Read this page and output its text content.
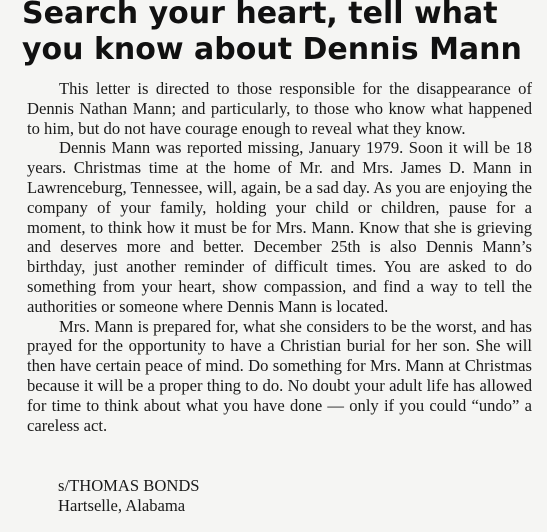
Search your heart, tell what
you know about Dennis Mann

This letter is directed to those responsible for the disappearance of Dennis Nathan Mann; and particularly, to those who know what happened to him, but do not have courage enough to reveal what they know.

Dennis Mann was reported missing, January 1979. Soon it will be 18 years. Christmas time at the home of Mr. and Mrs. James D. Mann in Lawrenceburg, Tennessee, will, again, be a sad day. As you are enjoying the company of your family, holding your child or children, pause for a moment, to think how it must be for Mrs. Mann. Know that she is grieving and deserves more and better. December 25th is also Dennis Mann’s birthday, just another reminder of difficult times. You are asked to do something from your heart, show compassion, and find a way to tell the authorities or someone where Dennis Mann is located.

Mrs. Mann is prepared for, what she considers to be the worst, and has prayed for the opportunity to have a Christian burial for her son. She will then have certain peace of mind. Do something for Mrs. Mann at Christmas because it will be a proper thing to do. No doubt your adult life has allowed for time to think about what you have done — only if you could “undo” a careless act.

s/THOMAS BONDS
Hartselle, Alabama
